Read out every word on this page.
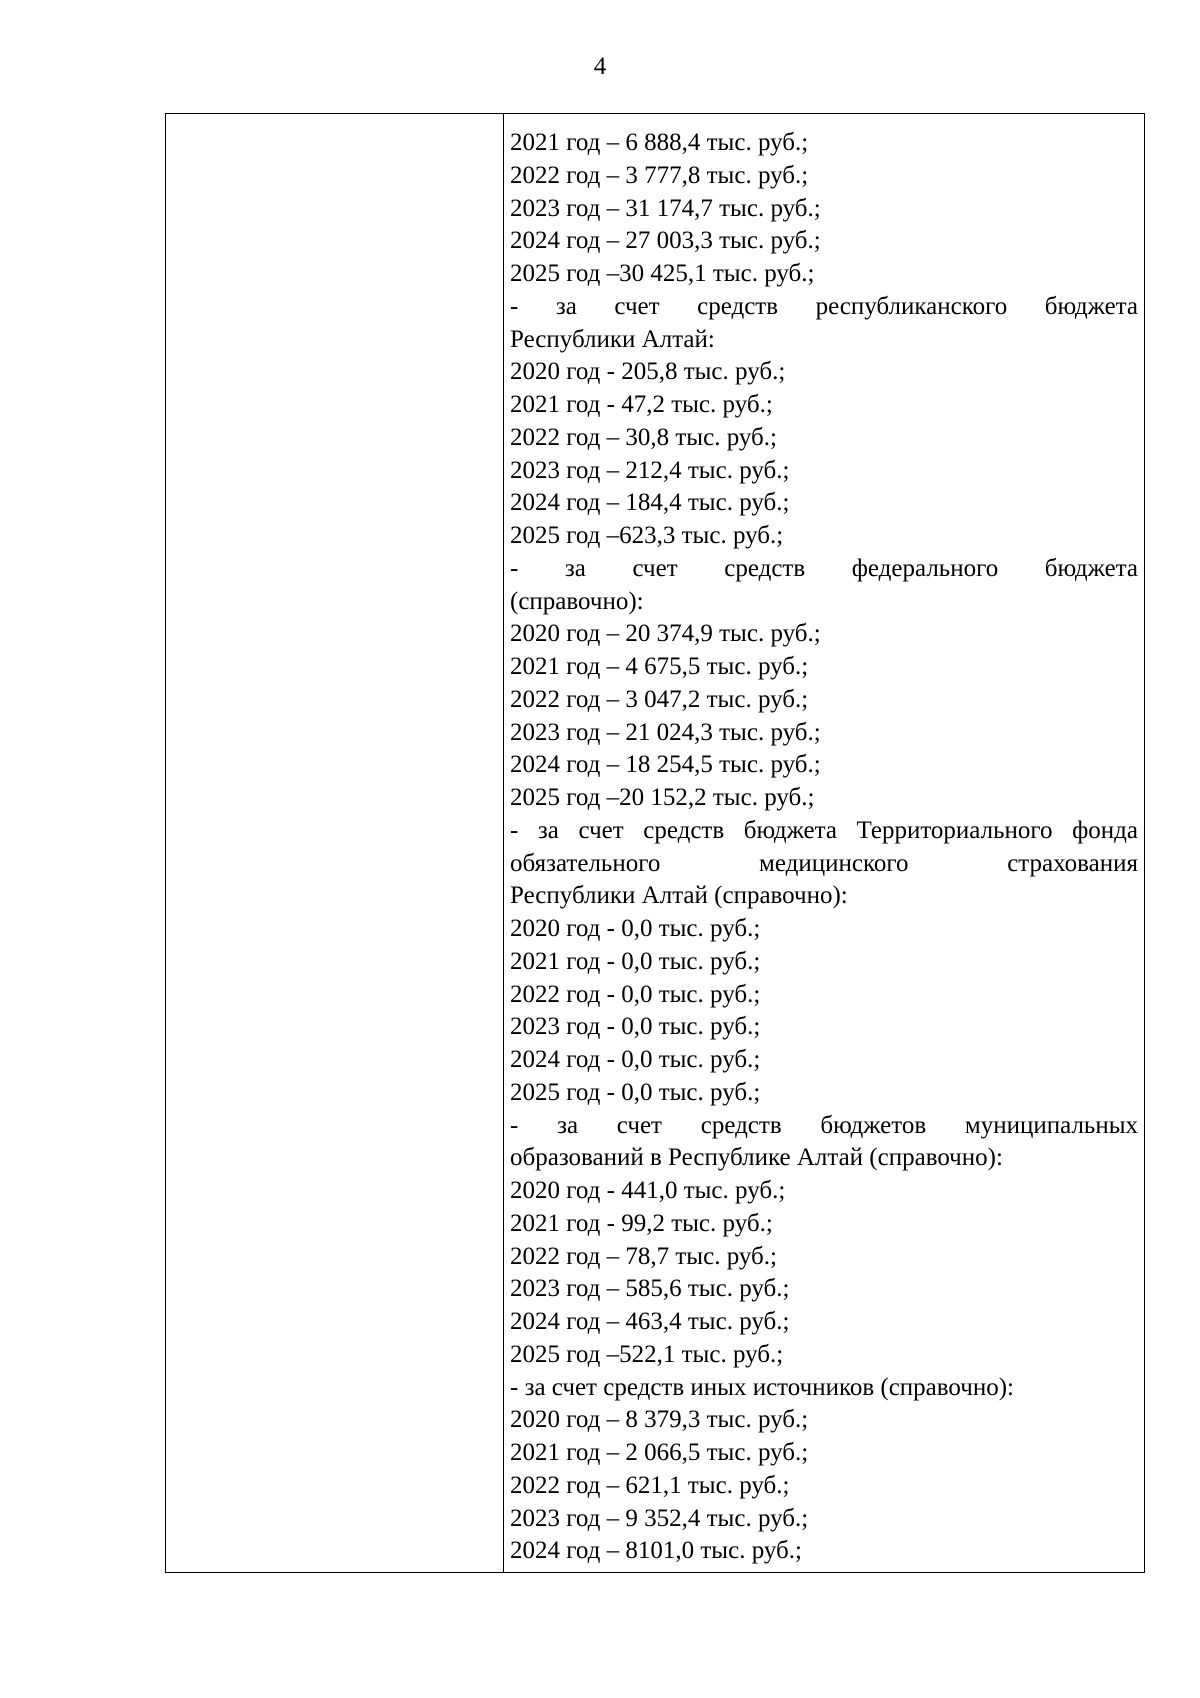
4
2021 год – 6 888,4 тыс. руб.;
2022 год – 3 777,8 тыс. руб.;
2023 год – 31 174,7 тыс. руб.;
2024 год – 27 003,3 тыс. руб.;
2025 год –30 425,1 тыс. руб.;
- за счет средств республиканского бюджета
Республики Алтай:
2020 год - 205,8 тыс. руб.;
2021 год - 47,2 тыс. руб.;
2022 год – 30,8 тыс. руб.;
2023 год – 212,4 тыс. руб.;
2024 год – 184,4 тыс. руб.;
2025 год –623,3 тыс. руб.;
- за счет средств федерального бюджета
(справочно):
2020 год – 20 374,9 тыс. руб.;
2021 год – 4 675,5 тыс. руб.;
2022 год – 3 047,2 тыс. руб.;
2023 год – 21 024,3 тыс. руб.;
2024 год – 18 254,5 тыс. руб.;
2025 год –20 152,2 тыс. руб.;
- за счет средств бюджета Территориального фонда
обязательного медицинского страхования
Республики Алтай (справочно):
2020 год - 0,0 тыс. руб.;
2021 год - 0,0 тыс. руб.;
2022 год - 0,0 тыс. руб.;
2023 год - 0,0 тыс. руб.;
2024 год - 0,0 тыс. руб.;
2025 год - 0,0 тыс. руб.;
- за счет средств бюджетов муниципальных
образований в Республике Алтай (справочно):
2020 год - 441,0 тыс. руб.;
2021 год - 99,2 тыс. руб.;
2022 год – 78,7 тыс. руб.;
2023 год – 585,6 тыс. руб.;
2024 год – 463,4 тыс. руб.;
2025 год –522,1 тыс. руб.;
- за счет средств иных источников (справочно):
2020 год – 8 379,3 тыс. руб.;
2021 год – 2 066,5 тыс. руб.;
2022 год – 621,1 тыс. руб.;
2023 год – 9 352,4 тыс. руб.;
2024 год – 8101,0 тыс. руб.;
